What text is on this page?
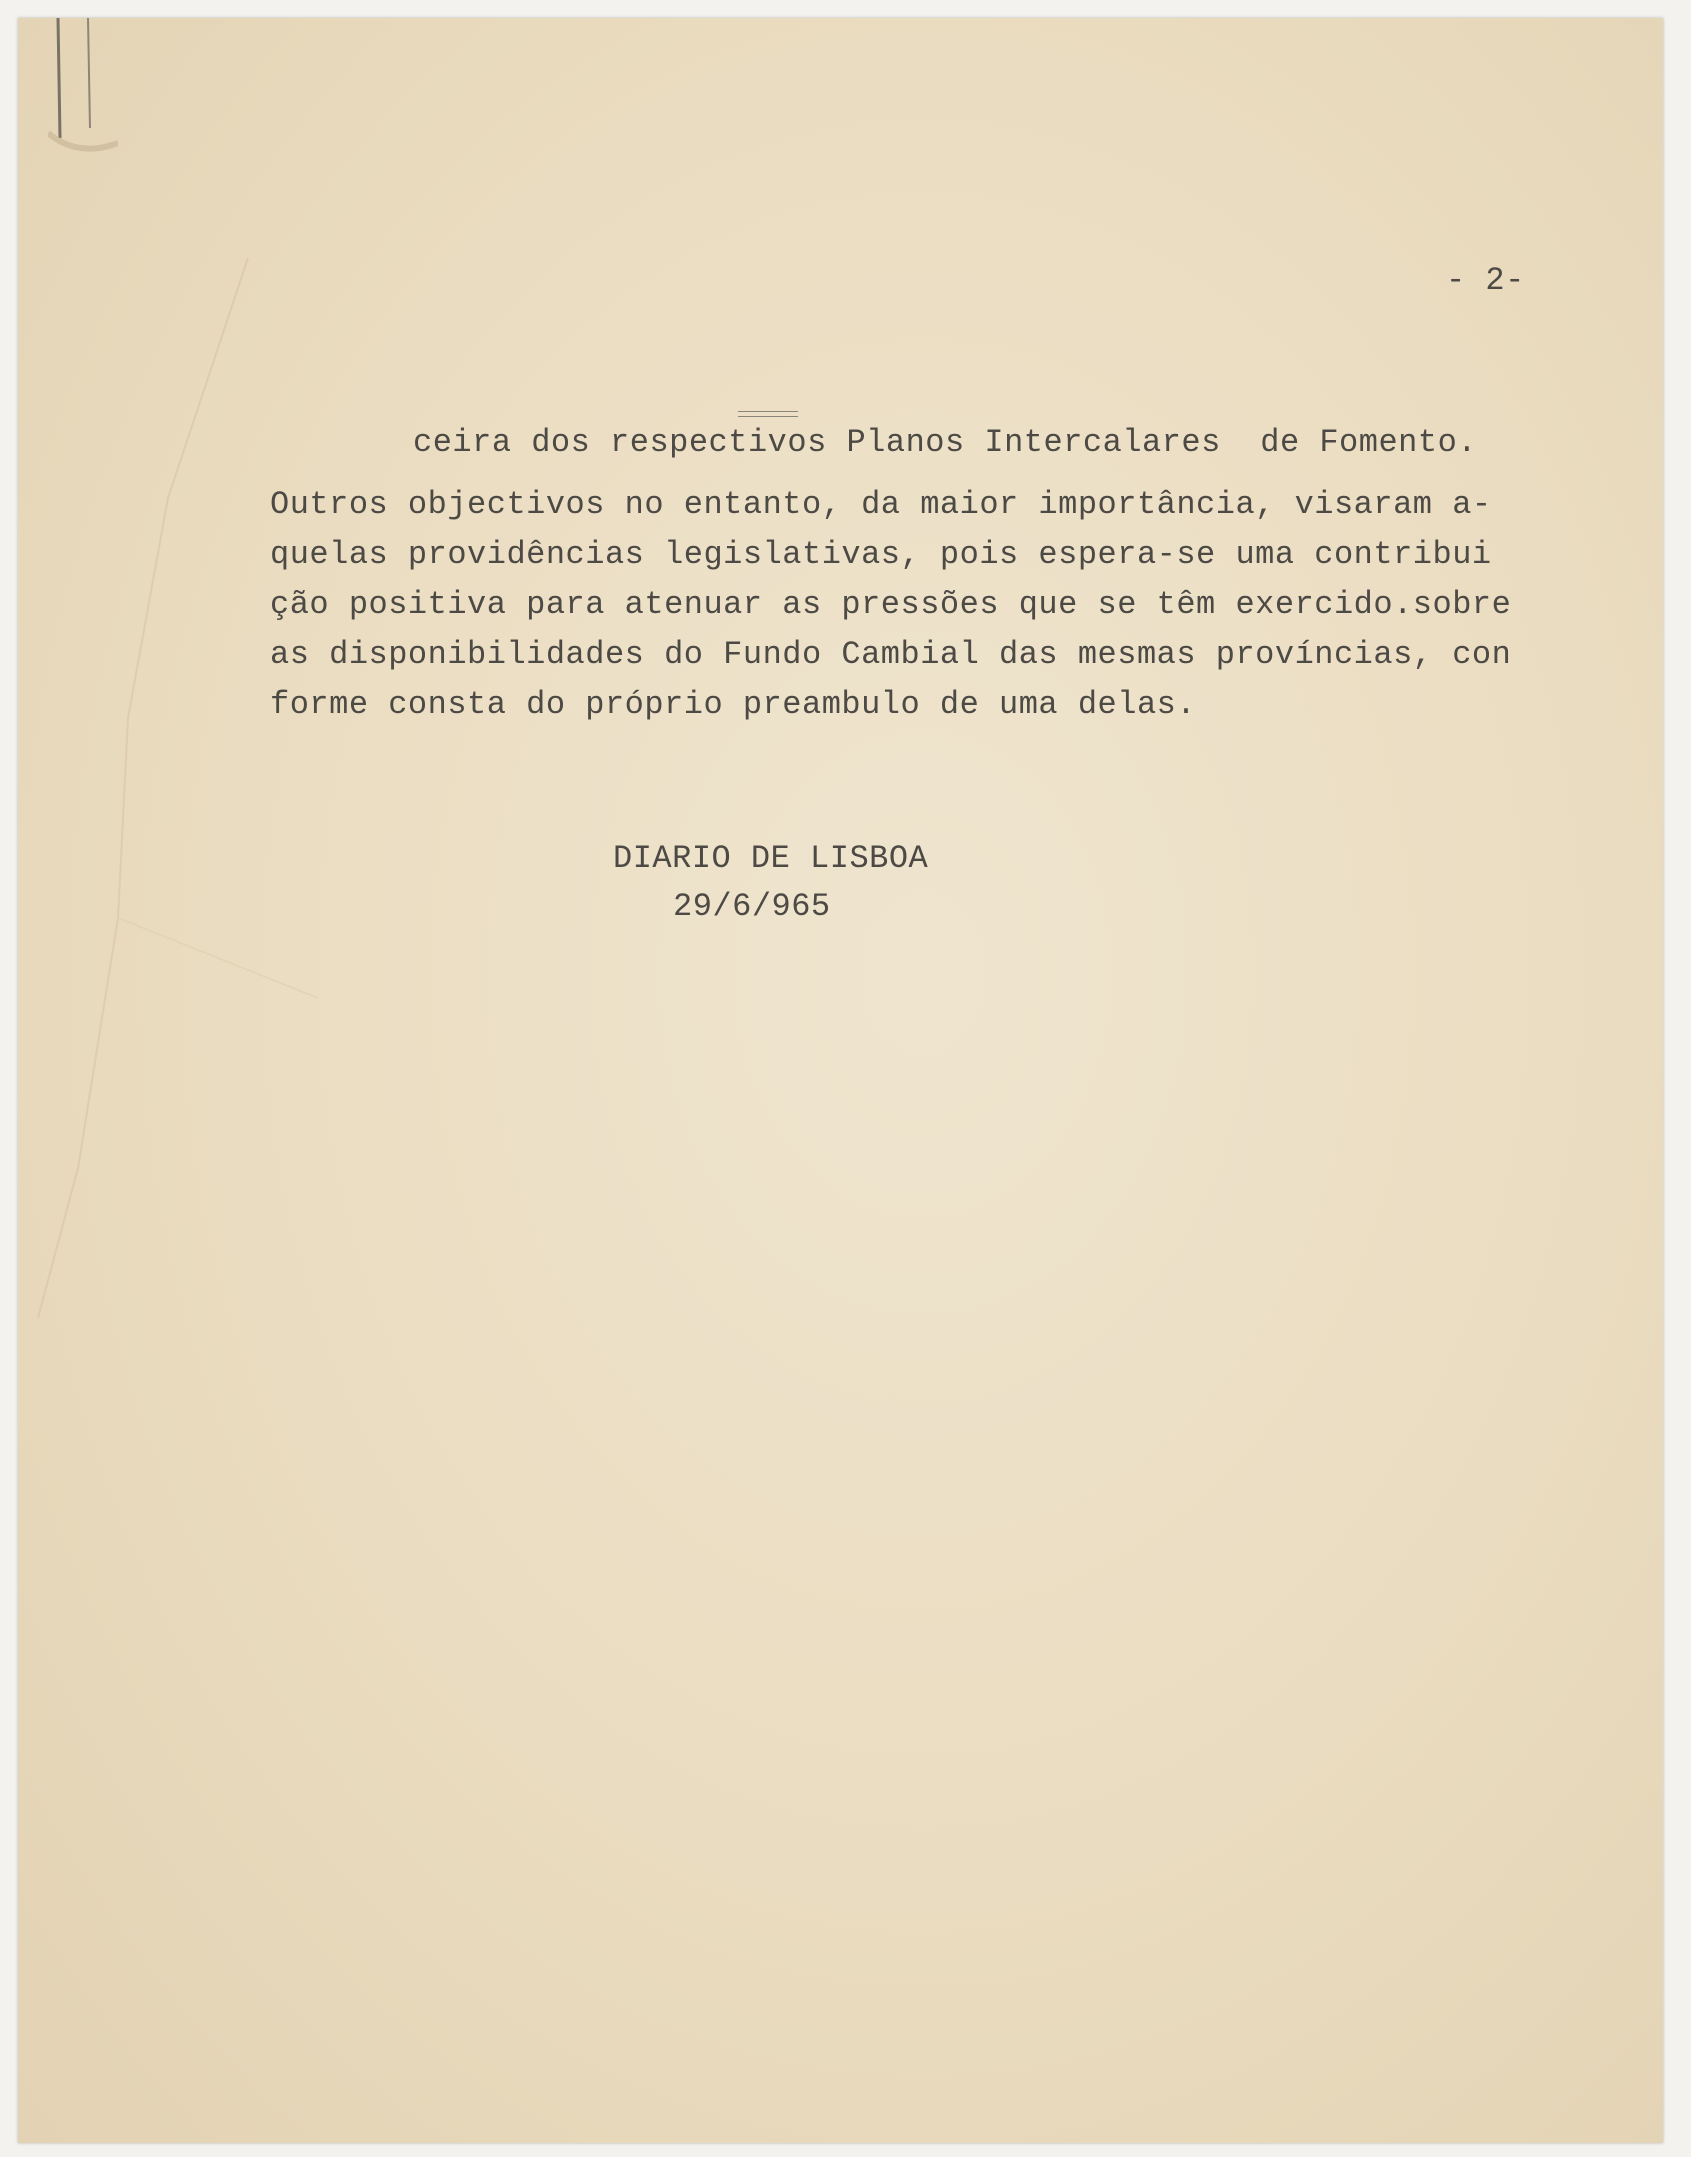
- 2-

ceira dos respectivos Planos Intercalares  de Fomento.

Outros objectivos no entanto, da maior importância, visaram a-

quelas providências legislativas, pois espera-se uma contribui

ção positiva para atenuar as pressões que se têm exercido.sobre

as disponibilidades do Fundo Cambial das mesmas províncias, con

forme consta do próprio preambulo de uma delas.

DIARIO DE LISBOA

29/6/965
